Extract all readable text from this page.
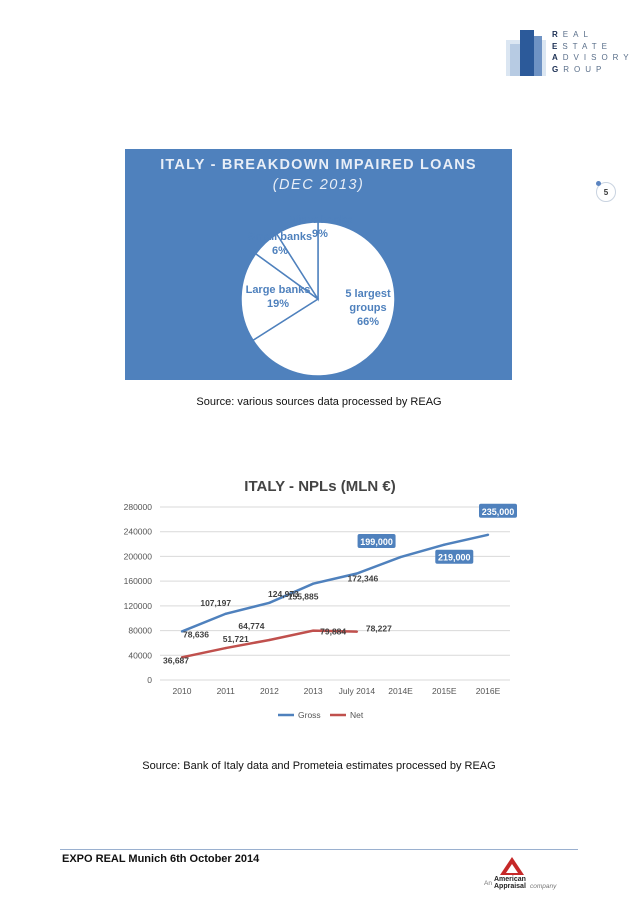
REAL
ESTATE
ADVISORY
GROUP
5
ITALY - BREAKDOWN IMPAIRED LOANS
(DEC 2013)
5 largest groups 66%
Large banks 19%
Small banks 6%
Minor banks 9%
Source: various sources data processed by REAG
ITALY - NPLs (MLN €)
0
40000
80000
120000
160000
200000
240000
280000
2010	2011	2012	2013 July 2014 2014E 2015E 2016E
78,636
107,197
124,973
155,885
172,346
199,000
219,000
235,000
36,687
51,721
64,774
79,884 78,227
Gross	Net
Source: Bank of Italy data and Prometeia estimates processed by REAG
EXPO REAL Munich 6th October 2014
An
American
Appraisal company
